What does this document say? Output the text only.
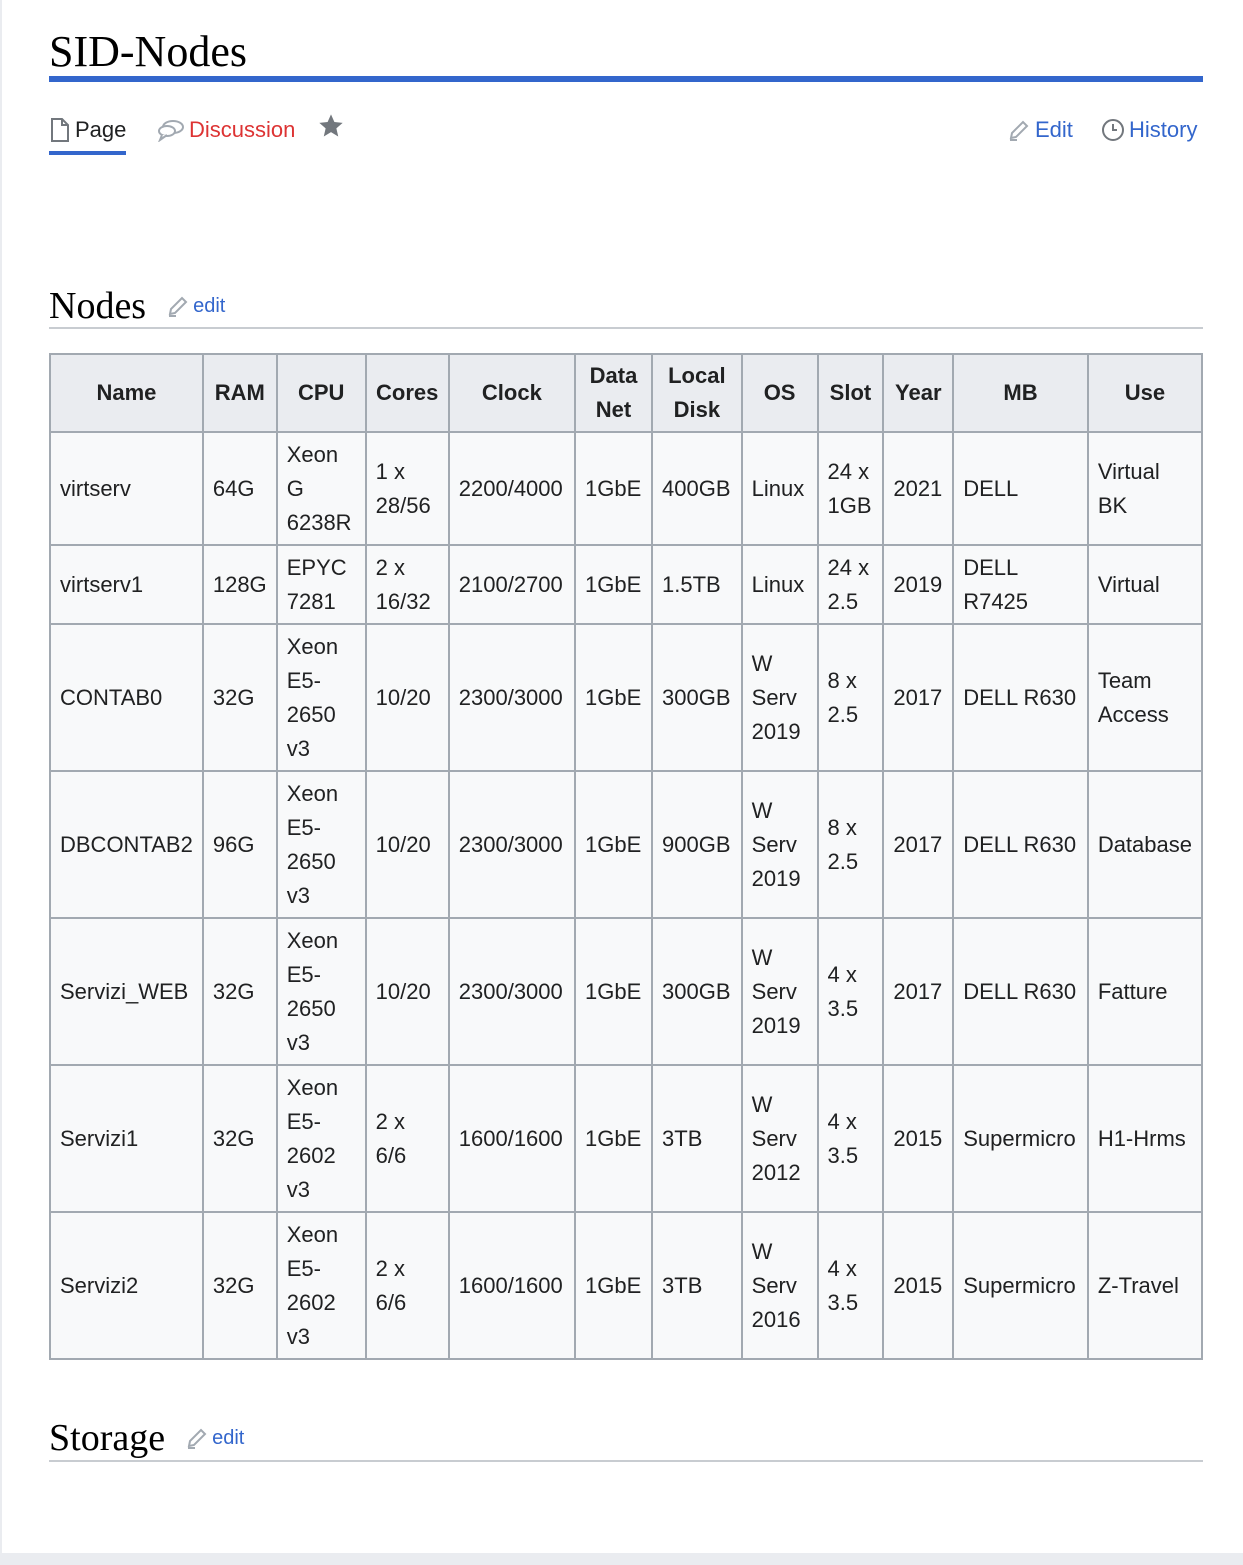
SID-Nodes
Page	Discussion	Edit	History
Nodes edit
Name	RAM	CPU	Cores	Clock	Data Net	Local Disk	OS	Slot	Year	MB	Use
virtserv	64G	Xeon G 6238R	1 x 28/56	2200/4000	1GbE	400GB	Linux	24 x 1GB	2021	DELL	Virtual BK
virtserv1	128G	EPYC 7281	2 x 16/32	2100/2700	1GbE	1.5TB	Linux	24 x 2.5	2019	DELL R7425	Virtual
CONTAB0	32G	Xeon E5-2650 v3	10/20	2300/3000	1GbE	300GB	W Serv 2019	8 x 2.5	2017	DELL R630	Team Access
DBCONTAB2	96G	Xeon E5-2650 v3	10/20	2300/3000	1GbE	900GB	W Serv 2019	8 x 2.5	2017	DELL R630	Database
Servizi_WEB	32G	Xeon E5-2650 v3	10/20	2300/3000	1GbE	300GB	W Serv 2019	4 x 3.5	2017	DELL R630	Fatture
Servizi1	32G	Xeon E5-2602 v3	2 x 6/6	1600/1600	1GbE	3TB	W Serv 2012	4 x 3.5	2015	Supermicro	H1-Hrms
Servizi2	32G	Xeon E5-2602 v3	2 x 6/6	1600/1600	1GbE	3TB	W Serv 2016	4 x 3.5	2015	Supermicro	Z-Travel
Storage edit
